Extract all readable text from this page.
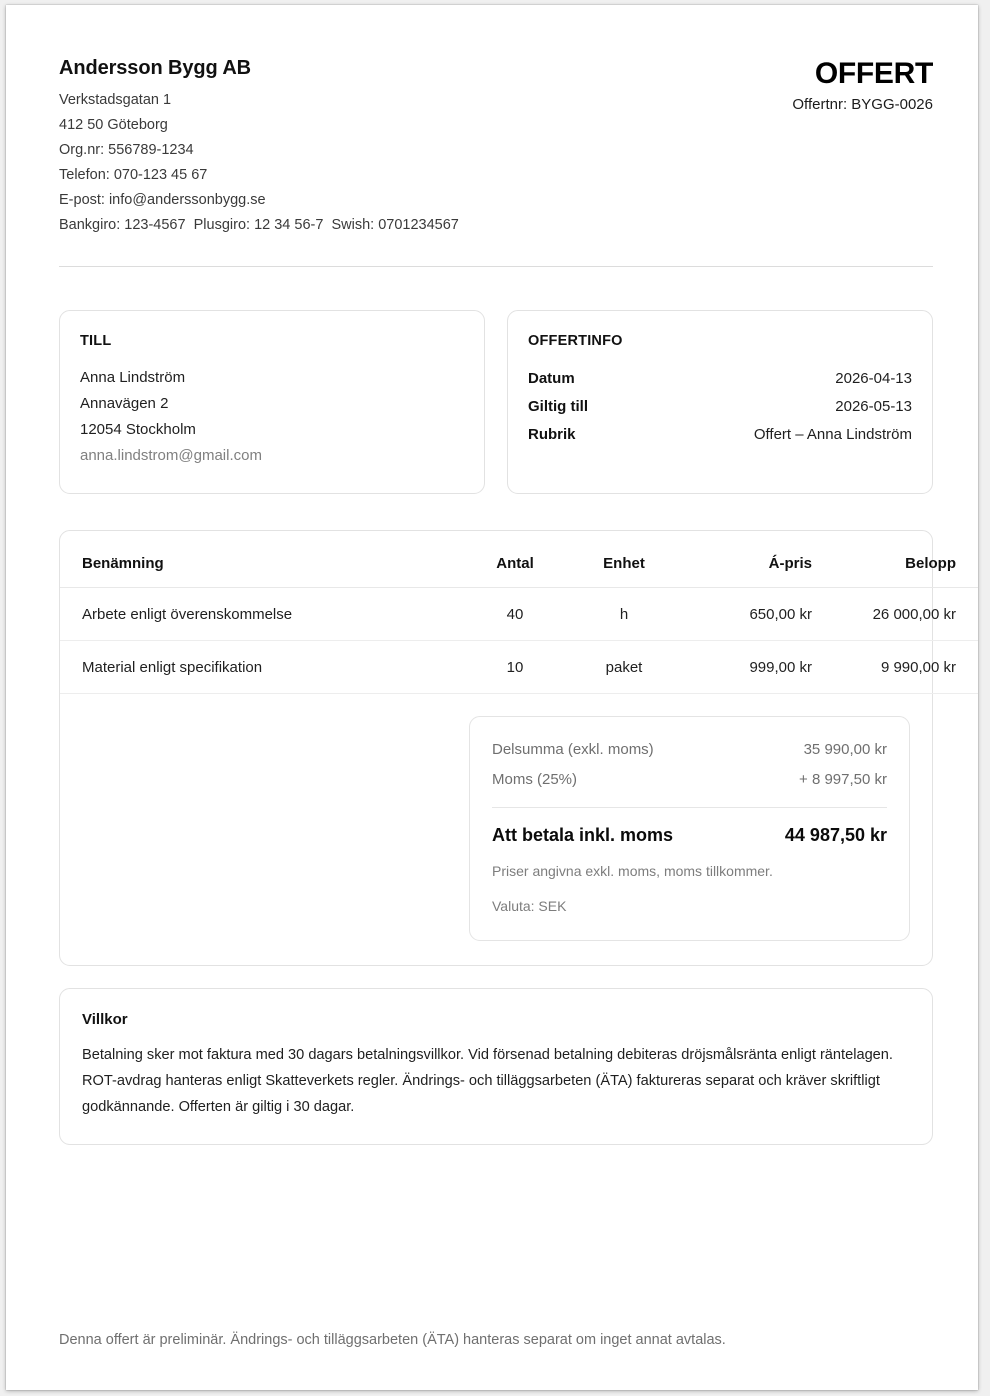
Andersson Bygg AB
Verkstadsgatan 1
412 50 Göteborg
Org.nr: 556789-1234
Telefon: 070-123 45 67
E-post: info@anderssonbygg.se
Bankgiro: 123-4567  Plusgiro: 12 34 56-7  Swish: 0701234567
OFFERT
Offertnr: BYGG-0026
TILL
Anna Lindström
Annavägen 2
12054 Stockholm
anna.lindstrom@gmail.com
OFFERTINFO
Datum	2026-04-13
Giltig till	2026-05-13
Rubrik	Offert – Anna Lindström
Benämning	Antal	Enhet	Á-pris	Belopp
Arbete enligt överenskommelse	40	h	650,00 kr	26 000,00 kr
Material enligt specifikation	10	paket	999,00 kr	9 990,00 kr
Delsumma (exkl. moms)	35 990,00 kr
Moms (25%)	+ 8 997,50 kr
Att betala inkl. moms	44 987,50 kr
Priser angivna exkl. moms, moms tillkommer.
Valuta: SEK
Villkor
Betalning sker mot faktura med 30 dagars betalningsvillkor. Vid försenad betalning debiteras dröjsmålsränta enligt räntelagen. ROT-avdrag hanteras enligt Skatteverkets regler. Ändrings- och tilläggsarbeten (ÄTA) faktureras separat och kräver skriftligt   godkännande. Offerten är giltig i 30 dagar.
Denna offert är preliminär. Ändrings- och tilläggsarbeten (ÄTA) hanteras separat om inget annat avtalas.
